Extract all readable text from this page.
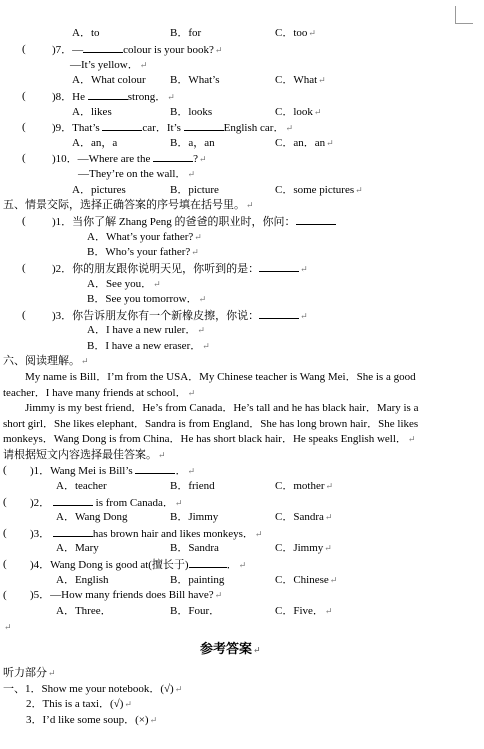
A．to	B．for	C．too↵
( )7．—	colour is your book?↵
—It’s yellow．↵
A．What colour B．What’s	C．What↵
( )8．He	strong．↵
A．likes	B．looks	C．look↵
( )9．That’s	car．It’s	English car．↵
A．an，a	B．a，an	C．an．an↵
( )10．—Where are the	?↵
—They’re on the wall．↵
A．pictures	B．picture	C．some pictures↵
五、情景交际，选择正确答案的序号填在括号里。↵
( )1．当你了解 Zhang Peng 的爸爸的职业时，你问：
A．What’s your father?↵
B．Who’s your father?↵
( )2．你的朋友跟你说明天见，你听到的是：	↵
A．See you．↵
B．See you tomorrow．↵
( )3．你告诉朋友你有一个新橡皮擦，你说：	↵
A．I have a new ruler．↵
B．I have a new eraser．↵
六、阅读理解。↵
My name is Bill．I’m from the USA．My Chinese teacher is Wang Mei．She is a good
teacher．I have many friends at school．↵
Jimmy is my best friend．He’s from Canada．He’s tall and he has black hair．Mary is a
short girl．She likes elephant．Sandra is from England．She has long brown hair．She likes
monkeys．Wang Dong is from China．He has short black hair．He speaks English well．↵
请根据短文内容选择最佳答案。↵
( )1．Wang Mei is Bill’s	．↵
A．teacher	B．friend	C．mother↵
( )2．	is from Canada．↵
A．Wang Dong	B．Jimmy	C．Sandra↵
( )3．	has brown hair and likes monkeys．↵
A．Mary	B．Sandra	C．Jimmy↵
( )4．Wang Dong is good at(擅长于)	．↵
A．English	B．painting	C．Chinese↵
( )5．—How many friends does Bill have?↵
A．Three．	B．Four．	C．Five．↵
↵
参考答案↵
听力部分↵
一、1．Show me your notebook．(√)↵
2．This is a taxi．(√)↵
3．I’d like some soup．(×)↵
